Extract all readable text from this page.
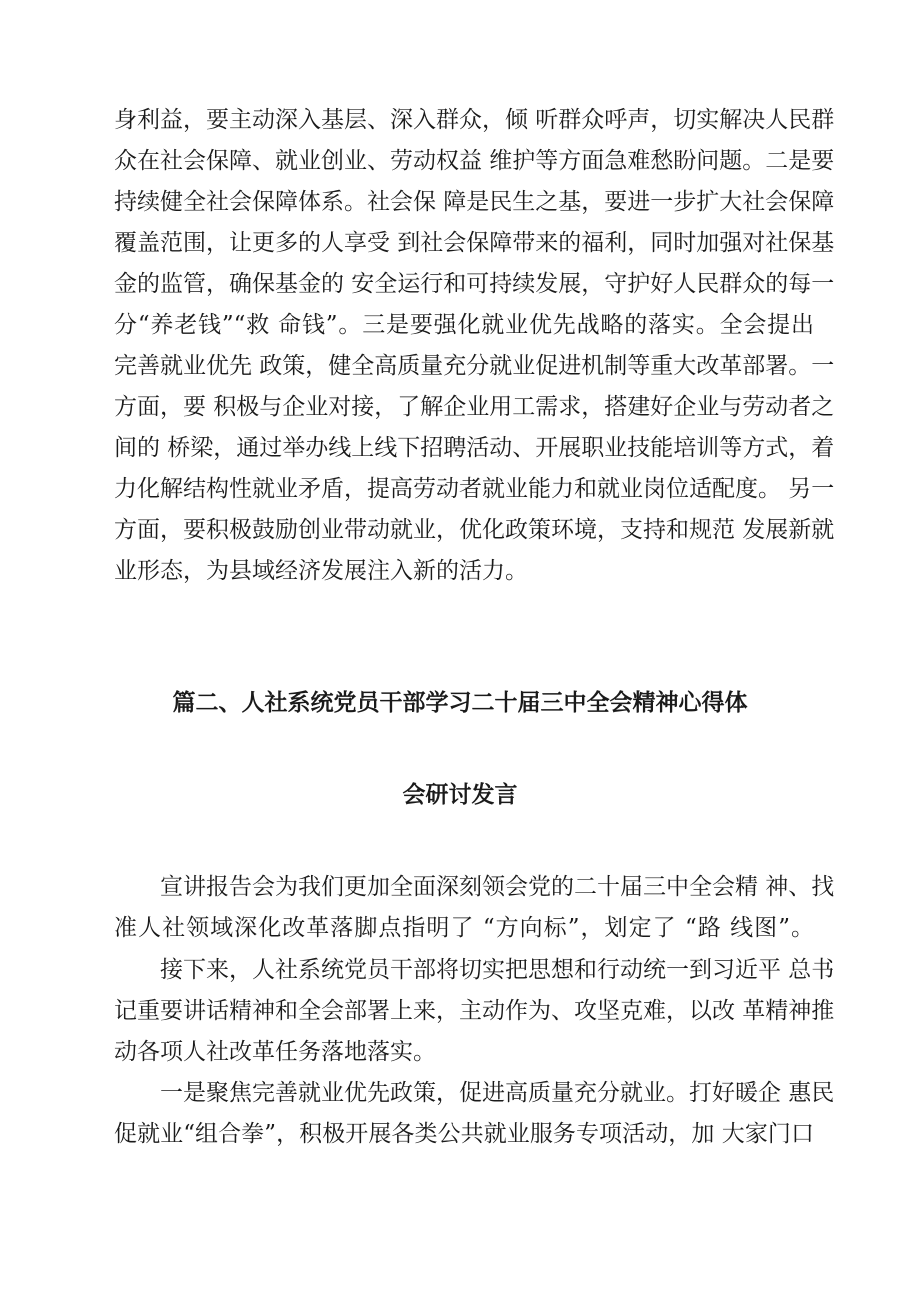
身利益，要主动深入基层、深入群众，倾 听群众呼声，切实解决人民群
众在社会保障、就业创业、劳动权益 维护等方面急难愁盼问题。二是要
持续健全社会保障体系。社会保 障是民生之基，要进一步扩大社会保障
覆盖范围，让更多的人享受 到社会保障带来的福利，同时加强对社保基
金的监管，确保基金的 安全运行和可持续发展，守护好人民群众的每一
分“养老钱”“救 命钱”。三是要强化就业优先战略的落实。全会提出
完善就业优先 政策，健全高质量充分就业促进机制等重大改革部署。一
方面，要 积极与企业对接，了解企业用工需求，搭建好企业与劳动者之
间的 桥梁，通过举办线上线下招聘活动、开展职业技能培训等方式，着
力化解结构性就业矛盾，提高劳动者就业能力和就业岗位适配度。 另一
方面，要积极鼓励创业带动就业，优化政策环境，支持和规范 发展新就
业形态，为县域经济发展注入新的活力。
篇二、人社系统党员干部学习二十届三中全会精神心得体
会研讨发言
宣讲报告会为我们更加全面深刻领会党的二十届三中全会精 神、找
准人社领域深化改革落脚点指明了 “方向标”，划定了 “路 线图”。
接下来，人社系统党员干部将切实把思想和行动统一到习近平 总书
记重要讲话精神和全会部署上来，主动作为、攻坚克难，以改 革精神推
动各项人社改革任务落地落实。
一是聚焦完善就业优先政策，促进高质量充分就业。打好暖企 惠民
促就业“组合拳”，积极开展各类公共就业服务专项活动，加 大家门口
